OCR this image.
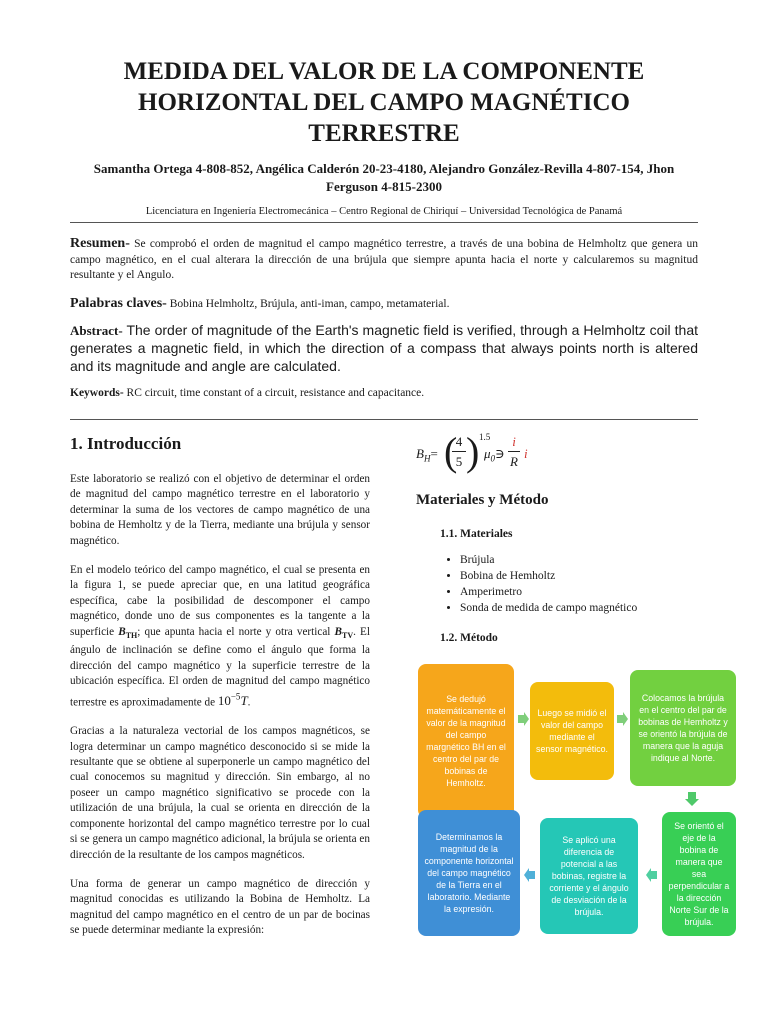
MEDIDA DEL VALOR DE LA COMPONENTE HORIZONTAL DEL CAMPO MAGNÉTICO TERRESTRE
Samantha Ortega 4-808-852, Angélica Calderón 20-23-4180, Alejandro González-Revilla 4-807-154, Jhon Ferguson 4-815-2300
Licenciatura en Ingeniería Electromecánica – Centro Regional de Chiriquí – Universidad Tecnológica de Panamá
Resumen- Se comprobó el orden de magnitud el campo magnético terrestre, a través de una bobina de Helmholtz que genera un campo magnético, en el cual alterara la dirección de una brújula que siempre apunta hacia el norte y calcularemos su magnitud resultante y el Angulo.
Palabras claves- Bobina Helmholtz, Brújula, anti-iman, campo, metamaterial.
Abstract- The order of magnitude of the Earth's magnetic field is verified, through a Helmholtz coil that generates a magnetic field, in which the direction of a compass that always points north is altered and its magnitude and angle are calculated.
Keywords- RC circuit, time constant of a circuit, resistance and capacitance.
1. Introducción

Este laboratorio se realizó con el objetivo de determinar el orden de magnitud del campo magnético terrestre en el laboratorio y determinar la suma de los vectores de campo magnético de una bobina de Hemholtz y de la Tierra, mediante una brújula y sensor magnético.

En el modelo teórico del campo magnético, el cual se presenta en la figura 1, se puede apreciar que, en una latitud geográfica específica, cabe la posibilidad de descomponer el campo magnético, donde uno de sus componentes es la tangente a la superficie $B_{TH}$; que apunta hacia el norte y otra vertical $B_{TV}$. El ángulo de inclinación se define como el ángulo que forma la dirección del campo magnético y la superficie terrestre de la ubicación específica. El orden de magnitud del campo magnético terrestre es aproximadamente de $10^{-5}T$.

Gracias a la naturaleza vectorial de los campos magnéticos, se logra determinar un campo magnético desconocido si se mide la resultante que se obtiene al superponerle un campo magnético del cual conocemos su magnitud y dirección. Sin embargo, al no poseer un campo magnético significativo se procede con la utilización de una brújula, la cual se orienta en dirección de la componente horizontal del campo magnético terrestre por lo cual si se genera un campo magnético adicional, la brújula se orienta en dirección de la resultante de los campos magnéticos.

Una forma de generar un campo magnético de dirección y magnitud conocidas es utilizando la Bobina de Hemholtz. La magnitud del campo magnético en el centro de un par de bocinas se puede determinar mediante la expresión:

$B_H=$ (
4
5 ) 1.5
$\mu_0∋$
i
R
i
Materiales y Método
1.1. Materiales
• Brújula
• Bobina de Hemholtz
• Amperimetro
• Sonda de medida de campo magnético
1.2. Método
Se dedujó matemáticamente el valor de la magnitud del campo margnético BH en el centro del par de bobinas de Hemholtz.
Luego se midió el valor del campo mediante el sensor magnético.
Colocamos la brújula en el centro del par de bobinas de Hemholtz y se orientó la brújula de manera que la aguja indique al Norte.
Se orientó el eje de la bobina de manera que sea perpendicular a la dirección Norte Sur de la brújula.
Se aplicó una diferencia de potencial a las bobinas, registre la corriente y el ángulo de desviación de la brújula.
Determinamos la magnitud de la componente horizontal del campo magnético de la Tierra en el laboratorio. Mediante la expresión.
